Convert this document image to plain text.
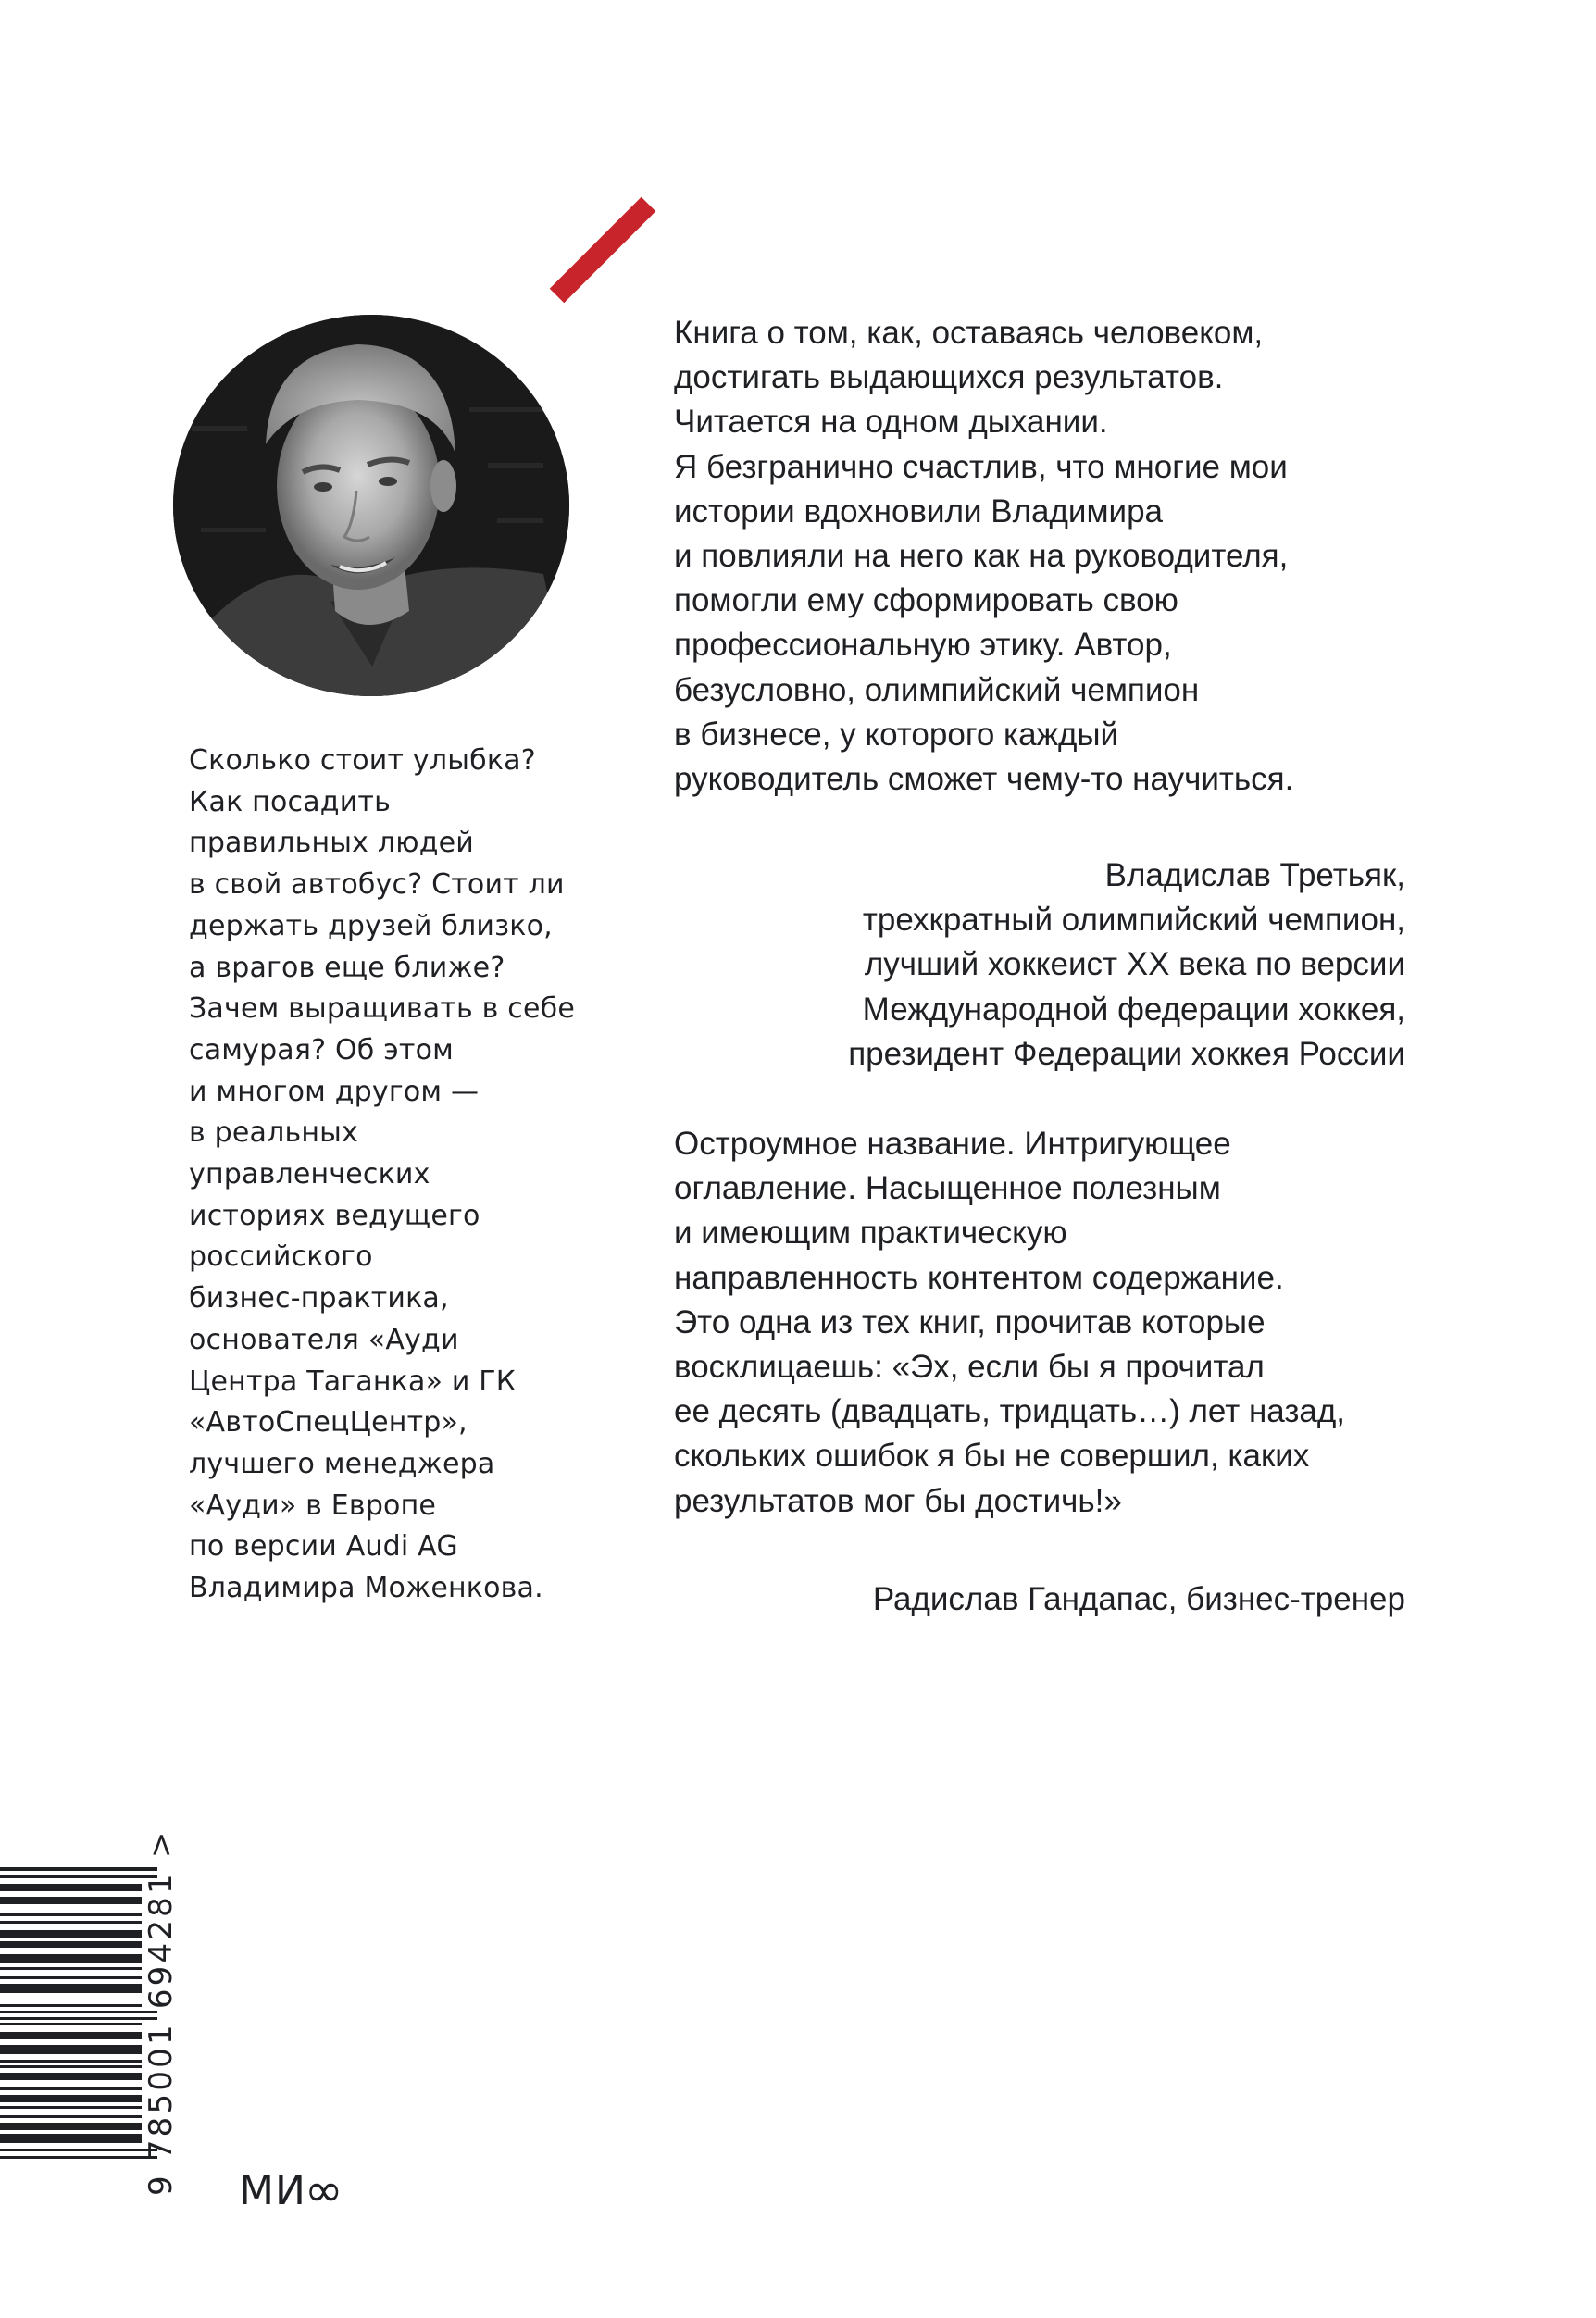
Сколько стоит улыбка?
Как посадить
правильных людей
в свой автобус? Стоит ли
держать друзей близко,
а врагов еще ближе?
Зачем выращивать в себе
самурая? Об этом
и многом другом —
в реальных
управленческих
историях ведущего
российского
бизнес-практика,
основателя «Ауди
Центра Таганка» и ГК
«АвтоСпецЦентр»,
лучшего менеджера
«Ауди» в Европе
по версии Audi AG
Владимира Моженкова.
Книга о том, как, оставаясь человеком,
достигать выдающихся результатов.
Читается на одном дыхании.
Я безгранично счастлив, что многие мои
истории вдохновили Владимира
и повлияли на него как на руководителя,
помогли ему сформировать свою
профессиональную этику. Автор,
безусловно, олимпийский чемпион
в бизнесе, у которого каждый
руководитель сможет чему-то научиться.
Владислав Третьяк,
трехкратный олимпийский чемпион,
лучший хоккеист XX века по версии
Международной федерации хоккея,
президент Федерации хоккея России
Остроумное название. Интригующее
оглавление. Насыщенное полезным
и имеющим практическую
направленность контентом содержание.
Это одна из тех книг, прочитав которые
восклицаешь: «Эх, если бы я прочитал
ее десять (двадцать, тридцать…) лет назад,
скольких ошибок я бы не совершил, каких
результатов мог бы достичь!»
Радислав Гандапас, бизнес-тренер
9 785001 694281 > МИ∞
